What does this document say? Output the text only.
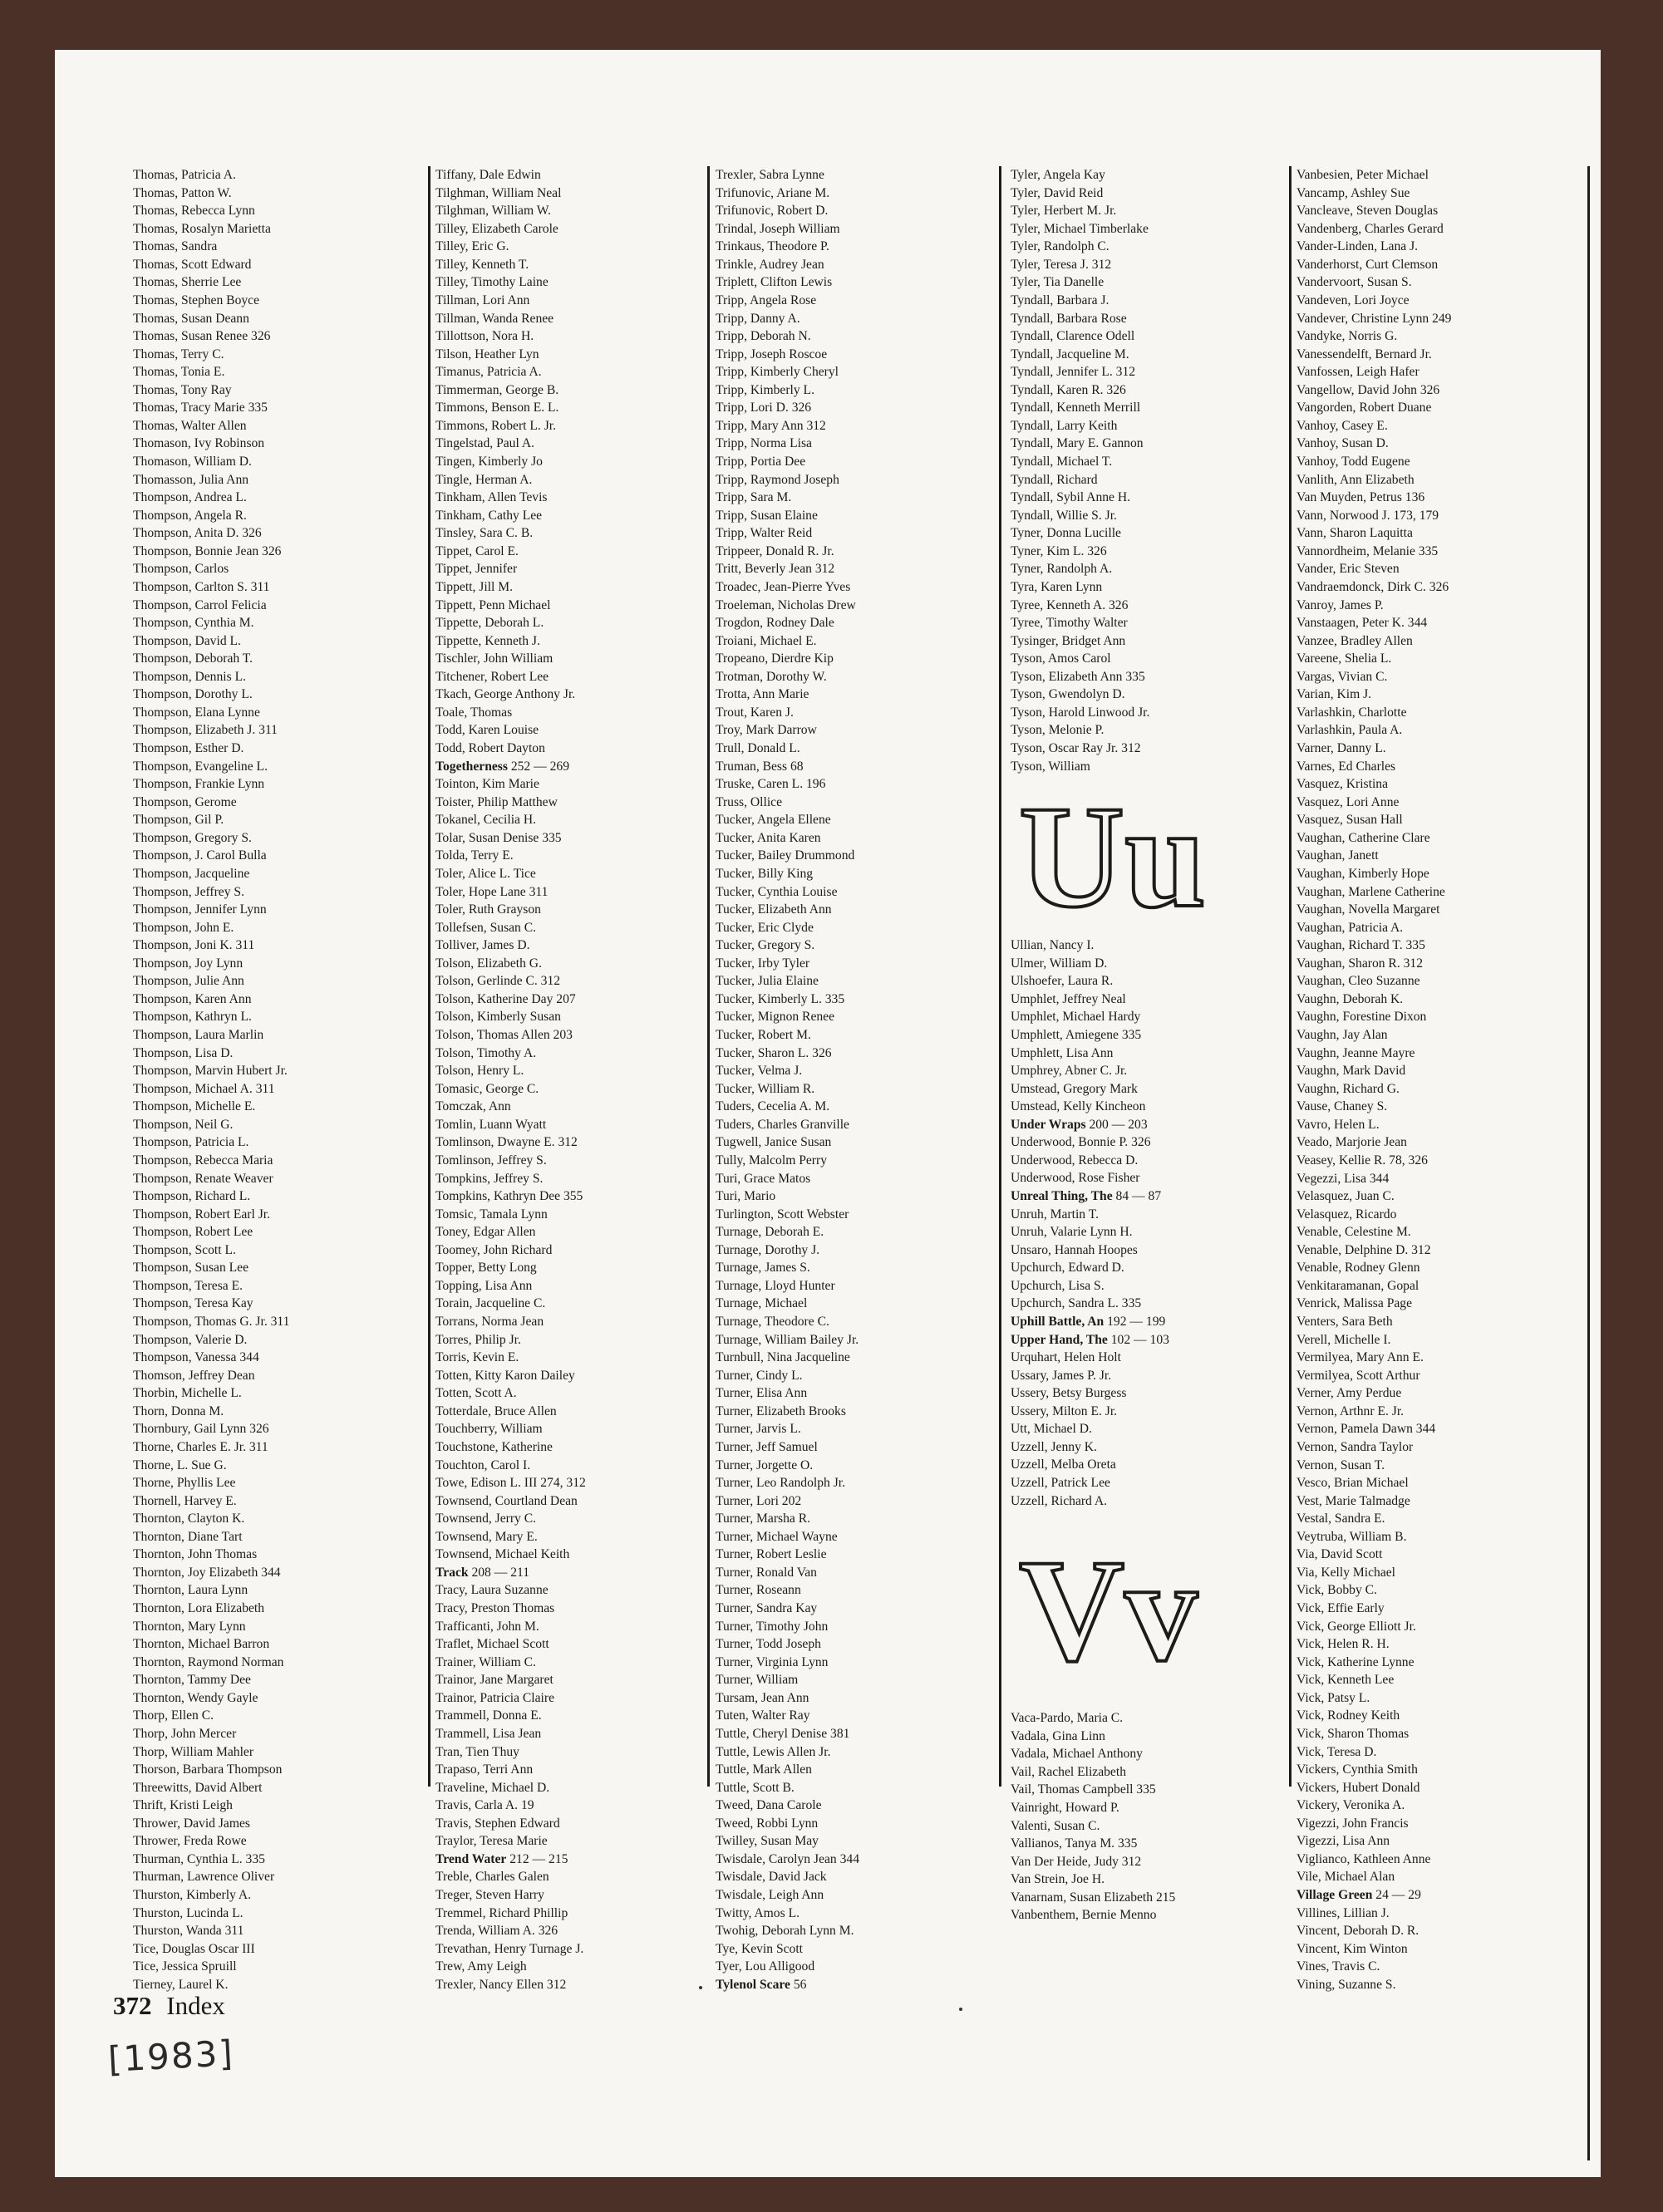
Thomas, Patricia A.
Thomas, Patton W.
Thomas, Rebecca Lynn
Thomas, Rosalyn Marietta
Thomas, Sandra
Thomas, Scott Edward
Thomas, Sherrie Lee
Thomas, Stephen Boyce
Thomas, Susan Deann
Thomas, Susan Renee 326
Thomas, Terry C.
Thomas, Tonia E.
Thomas, Tony Ray
Thomas, Tracy Marie 335
Thomas, Walter Allen
Thomason, Ivy Robinson
Thomason, William D.
Thomasson, Julia Ann
Thompson, Andrea L.
Thompson, Angela R.
Thompson, Anita D. 326
Thompson, Bonnie Jean 326
Thompson, Carlos
Thompson, Carlton S. 311
Thompson, Carrol Felicia
Thompson, Cynthia M.
Thompson, David L.
Thompson, Deborah T.
Thompson, Dennis L.
Thompson, Dorothy L.
Thompson, Elana Lynne
Thompson, Elizabeth J. 311
Thompson, Esther D.
Thompson, Evangeline L.
Thompson, Frankie Lynn
Thompson, Gerome
Thompson, Gil P.
Thompson, Gregory S.
Thompson, J. Carol Bulla
Thompson, Jacqueline
Thompson, Jeffrey S.
Thompson, Jennifer Lynn
Thompson, John E.
Thompson, Joni K. 311
Thompson, Joy Lynn
Thompson, Julie Ann
Thompson, Karen Ann
Thompson, Kathryn L.
Thompson, Laura Marlin
Thompson, Lisa D.
Thompson, Marvin Hubert Jr.
Thompson, Michael A. 311
Thompson, Michelle E.
Thompson, Neil G.
Thompson, Patricia L.
Thompson, Rebecca Maria
Thompson, Renate Weaver
Thompson, Richard L.
Thompson, Robert Earl Jr.
Thompson, Robert Lee
Thompson, Scott L.
Thompson, Susan Lee
Thompson, Teresa E.
Thompson, Teresa Kay
Thompson, Thomas G. Jr. 311
Thompson, Valerie D.
Thompson, Vanessa 344
Thomson, Jeffrey Dean
Thorbin, Michelle L.
Thorn, Donna M.
Thornbury, Gail Lynn 326
Thorne, Charles E. Jr. 311
Thorne, L. Sue G.
Thorne, Phyllis Lee
Thornell, Harvey E.
Thornton, Clayton K.
Thornton, Diane Tart
Thornton, John Thomas
Thornton, Joy Elizabeth 344
Thornton, Laura Lynn
Thornton, Lora Elizabeth
Thornton, Mary Lynn
Thornton, Michael Barron
Thornton, Raymond Norman
Thornton, Tammy Dee
Thornton, Wendy Gayle
Thorp, Ellen C.
Thorp, John Mercer
Thorp, William Mahler
Thorson, Barbara Thompson
Threewitts, David Albert
Thrift, Kristi Leigh
Thrower, David James
Thrower, Freda Rowe
Thurman, Cynthia L. 335
Thurman, Lawrence Oliver
Thurston, Kimberly A.
Thurston, Lucinda L.
Thurston, Wanda 311
Tice, Douglas Oscar III
Tice, Jessica Spruill
Tierney, Laurel K.
Tiffany, Dale Edwin
Tilghman, William Neal
Tilghman, William W.
Tilley, Elizabeth Carole
Tilley, Eric G.
Tilley, Kenneth T.
Tilley, Timothy Laine
Tillman, Lori Ann
Tillman, Wanda Renee
Tillottson, Nora H.
Tilson, Heather Lyn
Timanus, Patricia A.
Timmerman, George B.
Timmons, Benson E. L.
Timmons, Robert L. Jr.
Tingelstad, Paul A.
Tingen, Kimberly Jo
Tingle, Herman A.
Tinkham, Allen Tevis
Tinkham, Cathy Lee
Tinsley, Sara C. B.
Tippet, Carol E.
Tippet, Jennifer
Tippett, Jill M.
Tippett, Penn Michael
Tippette, Deborah L.
Tippette, Kenneth J.
Tischler, John William
Titchener, Robert Lee
Tkach, George Anthony Jr.
Toale, Thomas
Todd, Karen Louise
Todd, Robert Dayton
Togetherness 252 — 269
Tointon, Kim Marie
Toister, Philip Matthew
Tokanel, Cecilia H.
Tolar, Susan Denise 335
Tolda, Terry E.
Toler, Alice L. Tice
Toler, Hope Lane 311
Toler, Ruth Grayson
Tollefsen, Susan C.
Tolliver, James D.
Tolson, Elizabeth G.
Tolson, Gerlinde C. 312
Tolson, Katherine Day 207
Tolson, Kimberly Susan
Tolson, Thomas Allen 203
Tolson, Timothy A.
Tolson, Henry L.
Tomasic, George C.
Tomczak, Ann
Tomlin, Luann Wyatt
Tomlinson, Dwayne E. 312
Tomlinson, Jeffrey S.
Tompkins, Jeffrey S.
Tompkins, Kathryn Dee 355
Tomsic, Tamala Lynn
Toney, Edgar Allen
Toomey, John Richard
Topper, Betty Long
Topping, Lisa Ann
Torain, Jacqueline C.
Torrans, Norma Jean
Torres, Philip Jr.
Torris, Kevin E.
Totten, Kitty Karon Dailey
Totten, Scott A.
Totterdale, Bruce Allen
Touchberry, William
Touchstone, Katherine
Touchton, Carol I.
Towe, Edison L. III 274, 312
Townsend, Courtland Dean
Townsend, Jerry C.
Townsend, Mary E.
Townsend, Michael Keith
Track 208 — 211
Tracy, Laura Suzanne
Tracy, Preston Thomas
Trafficanti, John M.
Traflet, Michael Scott
Trainer, William C.
Trainor, Jane Margaret
Trainor, Patricia Claire
Trammell, Donna E.
Trammell, Lisa Jean
Tran, Tien Thuy
Trapaso, Terri Ann
Traveline, Michael D.
Travis, Carla A. 19
Travis, Stephen Edward
Traylor, Teresa Marie
Trend Water 212 — 215
Treble, Charles Galen
Treger, Steven Harry
Tremmel, Richard Phillip
Trenda, William A. 326
Trevathan, Henry Turnage J.
Trew, Amy Leigh
Trexler, Nancy Ellen 312
Trexler, Sabra Lynne
Trifunovic, Ariane M.
Trifunovic, Robert D.
Trindal, Joseph William
Trinkaus, Theodore P.
Trinkle, Audrey Jean
Triplett, Clifton Lewis
Tripp, Angela Rose
Tripp, Danny A.
Tripp, Deborah N.
Tripp, Joseph Roscoe
Tripp, Kimberly Cheryl
Tripp, Kimberly L.
Tripp, Lori D. 326
Tripp, Mary Ann 312
Tripp, Norma Lisa
Tripp, Portia Dee
Tripp, Raymond Joseph
Tripp, Sara M.
Tripp, Susan Elaine
Tripp, Walter Reid
Trippeer, Donald R. Jr.
Tritt, Beverly Jean 312
Troadec, Jean-Pierre Yves
Troeleman, Nicholas Drew
Trogdon, Rodney Dale
Troiani, Michael E.
Tropeano, Dierdre Kip
Trotman, Dorothy W.
Trotta, Ann Marie
Trout, Karen J.
Troy, Mark Darrow
Trull, Donald L.
Truman, Bess 68
Truske, Caren L. 196
Truss, Ollice
Tucker, Angela Ellene
Tucker, Anita Karen
Tucker, Bailey Drummond
Tucker, Billy King
Tucker, Cynthia Louise
Tucker, Elizabeth Ann
Tucker, Eric Clyde
Tucker, Gregory S.
Tucker, Irby Tyler
Tucker, Julia Elaine
Tucker, Kimberly L. 335
Tucker, Mignon Renee
Tucker, Robert M.
Tucker, Sharon L. 326
Tucker, Velma J.
Tucker, William R.
Tuders, Cecelia A. M.
Tuders, Charles Granville
Tugwell, Janice Susan
Tully, Malcolm Perry
Turi, Grace Matos
Turi, Mario
Turlington, Scott Webster
Turnage, Deborah E.
Turnage, Dorothy J.
Turnage, James S.
Turnage, Lloyd Hunter
Turnage, Michael
Turnage, Theodore C.
Turnage, William Bailey Jr.
Turnbull, Nina Jacqueline
Turner, Cindy L.
Turner, Elisa Ann
Turner, Elizabeth Brooks
Turner, Jarvis L.
Turner, Jeff Samuel
Turner, Jorgette O.
Turner, Leo Randolph Jr.
Turner, Lori 202
Turner, Marsha R.
Turner, Michael Wayne
Turner, Robert Leslie
Turner, Ronald Van
Turner, Roseann
Turner, Sandra Kay
Turner, Timothy John
Turner, Todd Joseph
Turner, Virginia Lynn
Turner, William
Tursam, Jean Ann
Tuten, Walter Ray
Tuttle, Cheryl Denise 381
Tuttle, Lewis Allen Jr.
Tuttle, Mark Allen
Tuttle, Scott B.
Tweed, Dana Carole
Tweed, Robbi Lynn
Twilley, Susan May
Twisdale, Carolyn Jean 344
Twisdale, David Jack
Twisdale, Leigh Ann
Twitty, Amos L.
Twohig, Deborah Lynn M.
Tye, Kevin Scott
Tyer, Lou Alligood
Tylenol Scare 56
Tyler, Angela Kay
Tyler, David Reid
Tyler, Herbert M. Jr.
Tyler, Michael Timberlake
Tyler, Randolph C.
Tyler, Teresa J. 312
Tyler, Tia Danelle
Tyndall, Barbara J.
Tyndall, Barbara Rose
Tyndall, Clarence Odell
Tyndall, Jacqueline M.
Tyndall, Jennifer L. 312
Tyndall, Karen R. 326
Tyndall, Kenneth Merrill
Tyndall, Larry Keith
Tyndall, Mary E. Gannon
Tyndall, Michael T.
Tyndall, Richard
Tyndall, Sybil Anne H.
Tyndall, Willie S. Jr.
Tyner, Donna Lucille
Tyner, Kim L. 326
Tyner, Randolph A.
Tyra, Karen Lynn
Tyree, Kenneth A. 326
Tyree, Timothy Walter
Tysinger, Bridget Ann
Tyson, Amos Carol
Tyson, Elizabeth Ann 335
Tyson, Gwendolyn D.
Tyson, Harold Linwood Jr.
Tyson, Melonie P.
Tyson, Oscar Ray Jr. 312
Tyson, William
Uu
Ullian, Nancy I.
Ulmer, William D.
Ulshoefer, Laura R.
Umphlet, Jeffrey Neal
Umphlet, Michael Hardy
Umphlett, Amiegene 335
Umphlett, Lisa Ann
Umphrey, Abner C. Jr.
Umstead, Gregory Mark
Umstead, Kelly Kincheon
Under Wraps 200 — 203
Underwood, Bonnie P. 326
Underwood, Rebecca D.
Underwood, Rose Fisher
Unreal Thing, The 84 — 87
Unruh, Martin T.
Unruh, Valarie Lynn H.
Unsaro, Hannah Hoopes
Upchurch, Edward D.
Upchurch, Lisa S.
Upchurch, Sandra L. 335
Uphill Battle, An 192 — 199
Upper Hand, The 102 — 103
Urquhart, Helen Holt
Ussary, James P. Jr.
Ussery, Betsy Burgess
Ussery, Milton E. Jr.
Utt, Michael D.
Uzzell, Jenny K.
Uzzell, Melba Oreta
Uzzell, Patrick Lee
Uzzell, Richard A.
Vv
Vaca-Pardo, Maria C.
Vadala, Gina Linn
Vadala, Michael Anthony
Vail, Rachel Elizabeth
Vail, Thomas Campbell 335
Vainright, Howard P.
Valenti, Susan C.
Vallianos, Tanya M. 335
Van Der Heide, Judy 312
Van Strein, Joe H.
Vanarnam, Susan Elizabeth 215
Vanbenthem, Bernie Menno
Vanbesien, Peter Michael
Vancamp, Ashley Sue
Vancleave, Steven Douglas
Vandenberg, Charles Gerard
Vander-Linden, Lana J.
Vanderhorst, Curt Clemson
Vandervoort, Susan S.
Vandeven, Lori Joyce
Vandever, Christine Lynn 249
Vandyke, Norris G.
Vanessendelft, Bernard Jr.
Vanfossen, Leigh Hafer
Vangellow, David John 326
Vangorden, Robert Duane
Vanhoy, Casey E.
Vanhoy, Susan D.
Vanhoy, Todd Eugene
Vanlith, Ann Elizabeth
Van Muyden, Petrus 136
Vann, Norwood J. 173, 179
Vann, Sharon Laquitta
Vannordheim, Melanie 335
Vander, Eric Steven
Vandraemdonck, Dirk C. 326
Vanroy, James P.
Vanstaagen, Peter K. 344
Vanzee, Bradley Allen
Vareene, Shelia L.
Vargas, Vivian C.
Varian, Kim J.
Varlashkin, Charlotte
Varlashkin, Paula A.
Varner, Danny L.
Varnes, Ed Charles
Vasquez, Kristina
Vasquez, Lori Anne
Vasquez, Susan Hall
Vaughan, Catherine Clare
Vaughan, Janett
Vaughan, Kimberly Hope
Vaughan, Marlene Catherine
Vaughan, Novella Margaret
Vaughan, Patricia A.
Vaughan, Richard T. 335
Vaughan, Sharon R. 312
Vaughan, Cleo Suzanne
Vaughn, Deborah K.
Vaughn, Forestine Dixon
Vaughn, Jay Alan
Vaughn, Jeanne Mayre
Vaughn, Mark David
Vaughn, Richard G.
Vause, Chaney S.
Vavro, Helen L.
Veado, Marjorie Jean
Veasey, Kellie R. 78, 326
Vegezzi, Lisa 344
Velasquez, Juan C.
Velasquez, Ricardo
Venable, Celestine M.
Venable, Delphine D. 312
Venable, Rodney Glenn
Venkitaramanan, Gopal
Venrick, Malissa Page
Venters, Sara Beth
Verell, Michelle I.
Vermilyea, Mary Ann E.
Vermilyea, Scott Arthur
Verner, Amy Perdue
Vernon, Arthnr E. Jr.
Vernon, Pamela Dawn 344
Vernon, Sandra Taylor
Vernon, Susan T.
Vesco, Brian Michael
Vest, Marie Talmadge
Vestal, Sandra E.
Veytruba, William B.
Via, David Scott
Via, Kelly Michael
Vick, Bobby C.
Vick, Effie Early
Vick, George Elliott Jr.
Vick, Helen R. H.
Vick, Katherine Lynne
Vick, Kenneth Lee
Vick, Patsy L.
Vick, Rodney Keith
Vick, Sharon Thomas
Vick, Teresa D.
Vickers, Cynthia Smith
Vickers, Hubert Donald
Vickery, Veronika A.
Vigezzi, John Francis
Vigezzi, Lisa Ann
Viglianco, Kathleen Anne
Vile, Michael Alan
Village Green 24 — 29
Villines, Lillian J.
Vincent, Deborah D. R.
Vincent, Kim Winton
Vines, Travis C.
Vining, Suzanne S.
372 Index
[1983]
